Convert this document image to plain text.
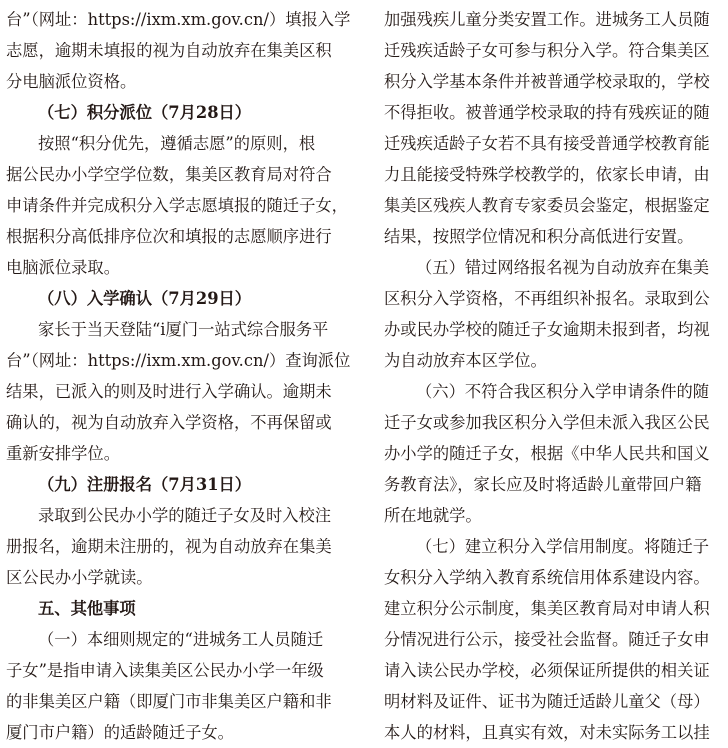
台”（网址：https://ixm.xm.gov.cn/）填报入学
志愿，逾期未填报的视为自动放弃在集美区积
分电脑派位资格。
（七）积分派位（7月28日）
按照“积分优先，遵循志愿”的原则，根
据公民办小学空学位数，集美区教育局对符合
申请条件并完成积分入学志愿填报的随迁子女，
根据积分高低排序位次和填报的志愿顺序进行
电脑派位录取。
（八）入学确认（7月29日）
家长于当天登陆“i厦门一站式综合服务平
台”（网址：https://ixm.xm.gov.cn/）查询派位
结果，已派入的则及时进行入学确认。逾期未
确认的，视为自动放弃入学资格，不再保留或
重新安排学位。
（九）注册报名（7月31日）
录取到公民办小学的随迁子女及时入校注
册报名，逾期未注册的，视为自动放弃在集美
区公民办小学就读。
五、其他事项
（一）本细则规定的“进城务工人员随迁
子女”是指申请入读集美区公民办小学一年级
的非集美区户籍（即厦门市非集美区户籍和非
厦门市户籍）的适龄随迁子女。
加强残疾儿童分类安置工作。进城务工人员随
迁残疾适龄子女可参与积分入学。符合集美区
积分入学基本条件并被普通学校录取的，学校
不得拒收。被普通学校录取的持有残疾证的随
迁残疾适龄子女若不具有接受普通学校教育能
力且能接受特殊学校教学的，依家长申请，由
集美区残疾人教育专家委员会鉴定，根据鉴定
结果，按照学位情况和积分高低进行安置。
（五）错过网络报名视为自动放弃在集美
区积分入学资格，不再组织补报名。录取到公
办或民办学校的随迁子女逾期未报到者，均视
为自动放弃本区学位。
（六）不符合我区积分入学申请条件的随
迁子女或参加我区积分入学但未派入我区公民
办小学的随迁子女，根据《中华人民共和国义
务教育法》，家长应及时将适龄儿童带回户籍
所在地就学。
（七）建立积分入学信用制度。将随迁子
女积分入学纳入教育系统信用体系建设内容。
建立积分公示制度，集美区教育局对申请人积
分情况进行公示，接受社会监督。随迁子女申
请入读公民办学校，必须保证所提供的相关证
明材料及证件、证书为随迁适龄儿童父（母）
本人的材料，且真实有效，对未实际务工以挂
